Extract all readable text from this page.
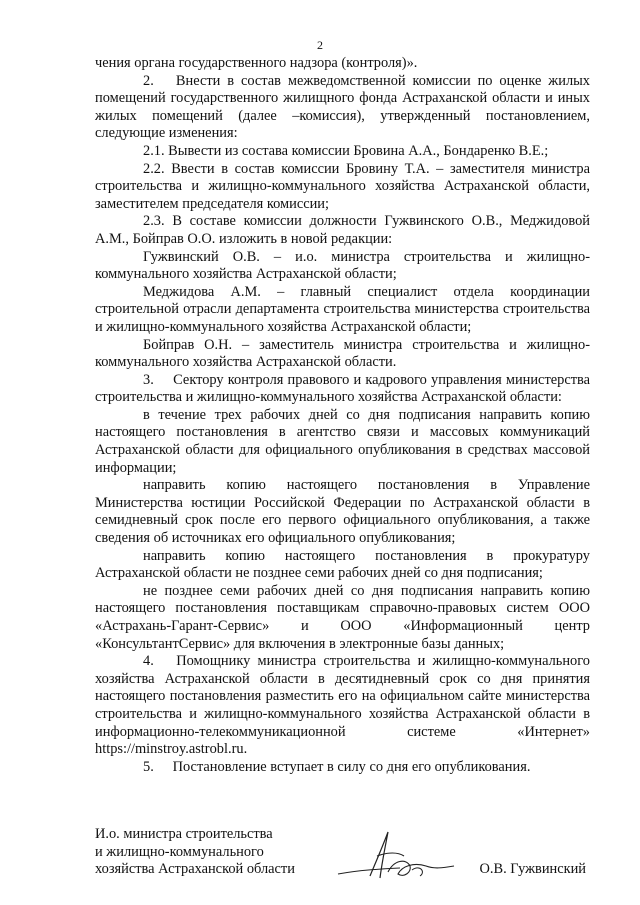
2

чения органа государственного надзора (контроля)».

2. Внести в состав межведомственной комиссии по оценке жилых помещений государственного жилищного фонда Астраханской области и иных жилых помещений (далее –комиссия), утвержденный постановлением, следующие изменения:

2.1. Вывести из состава комиссии Бровина А.А., Бондаренко В.Е.;

2.2. Ввести в состав комиссии Бровину Т.А. – заместителя министра строительства и жилищно-коммунального хозяйства Астраханской области, заместителем председателя комиссии;

2.3. В составе комиссии должности Гужвинского О.В., Меджидовой А.М., Бойправ О.О. изложить в новой редакции:

Гужвинский О.В. – и.о. министра строительства и жилищно-коммунального хозяйства Астраханской области;

Меджидова А.М. – главный специалист отдела координации строительной отрасли департамента строительства министерства строительства и жилищно-коммунального хозяйства Астраханской области;

Бойправ О.Н. – заместитель министра строительства и жилищно-коммунального хозяйства Астраханской области.

3. Сектору контроля правового и кадрового управления министерства строительства и жилищно-коммунального хозяйства Астраханской области:

в течение трех рабочих дней со дня подписания направить копию настоящего постановления в агентство связи и массовых коммуникаций Астраханской области для официального опубликования в средствах массовой информации;

направить копию настоящего постановления в Управление Министерства юстиции Российской Федерации по Астраханской области в семидневный срок после его первого официального опубликования, а также сведения об источниках его официального опубликования;

направить копию настоящего постановления в прокуратуру Астраханской области не позднее семи рабочих дней со дня подписания;

не позднее семи рабочих дней со дня подписания направить копию настоящего постановления поставщикам справочно-правовых систем ООО «Астрахань-Гарант-Сервис» и ООО «Информационный центр «КонсультантСервис» для включения в электронные базы данных;

4. Помощнику министра строительства и жилищно-коммунального хозяйства Астраханской области в десятидневный срок со дня принятия настоящего постановления разместить его на официальном сайте министерства строительства и жилищно-коммунального хозяйства Астраханской области в информационно-телекоммуникационной системе «Интернет» https://minstroy.astrobl.ru.

5. Постановление вступает в силу со дня его опубликования.

И.о. министра строительства
и жилищно-коммунального
хозяйства Астраханской области	О.В. Гужвинский
